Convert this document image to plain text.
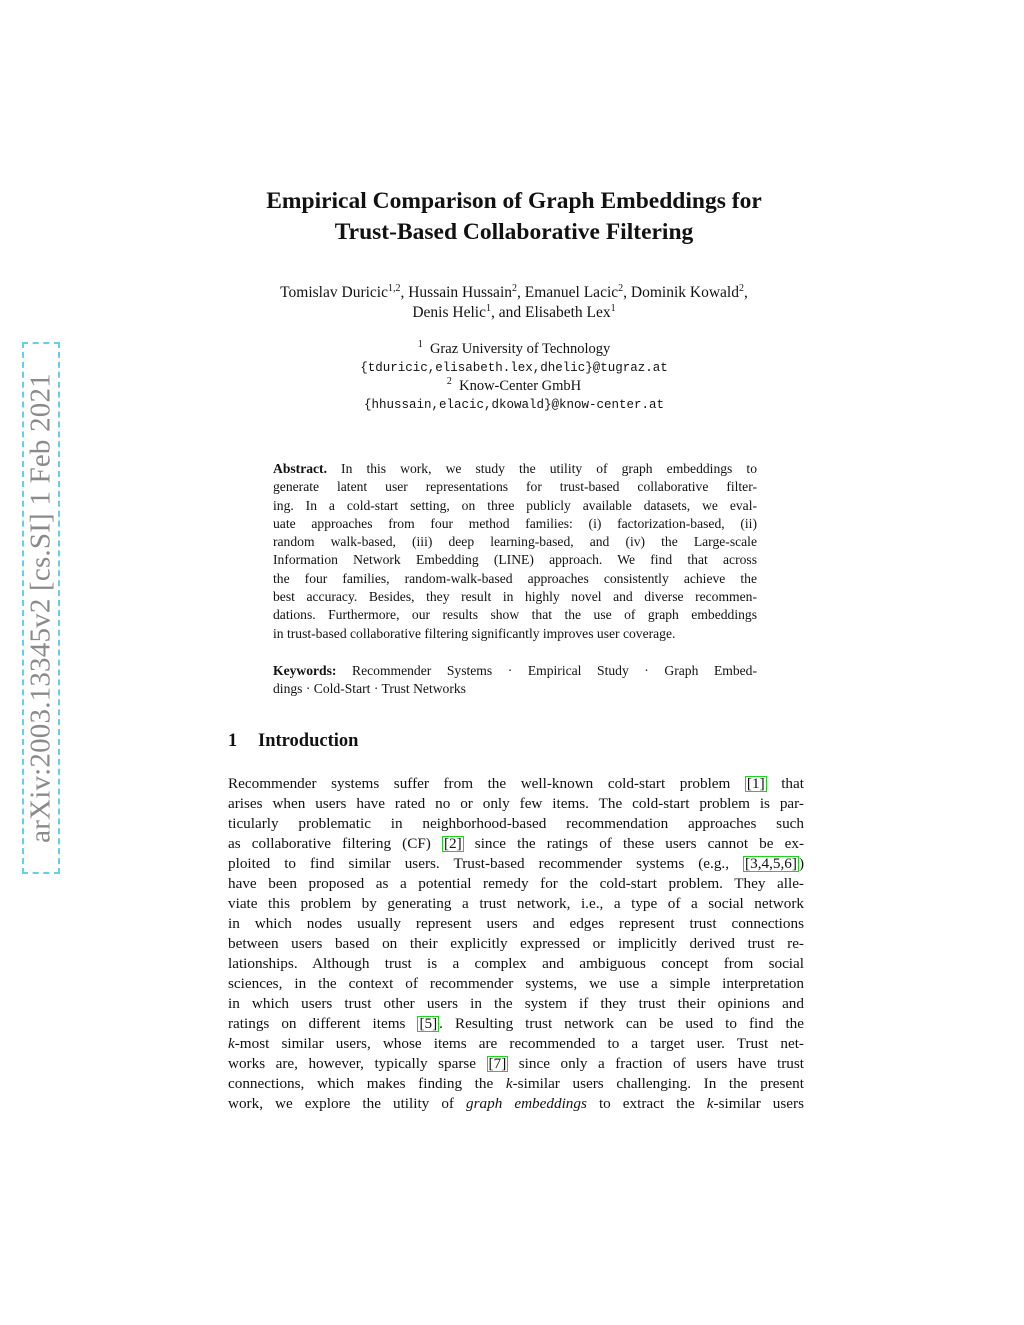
arXiv:2003.13345v2 [cs.SI] 1 Feb 2021
Empirical Comparison of Graph Embeddings for
Trust-Based Collaborative Filtering
Tomislav Duricic$^{1,2}$, Hussain Hussain$^2$, Emanuel Lacic$^2$, Dominik Kowald$^2$,
Denis Helic$^1$, and Elisabeth Lex$^1$
$^1$ Graz University of Technology
{tduricic,elisabeth.lex,dhelic}@tugraz.at
$^2$ Know-Center GmbH
{hhussain,elacic,dkowald}@know-center.at
Abstract. In this work, we study the utility of graph embeddings to
generate latent user representations for trust-based collaborative filter-
ing. In a cold-start setting, on three publicly available datasets, we eval-
uate approaches from four method families: (i) factorization-based, (ii)
random walk-based, (iii) deep learning-based, and (iv) the Large-scale
Information Network Embedding (LINE) approach. We find that across
the four families, random-walk-based approaches consistently achieve the
best accuracy. Besides, they result in highly novel and diverse recommen-
dations. Furthermore, our results show that the use of graph embeddings
in trust-based collaborative filtering significantly improves user coverage.
Keywords: Recommender Systems · Empirical Study · Graph Embed-
dings · Cold-Start · Trust Networks
1 Introduction
Recommender systems suffer from the well-known cold-start problem [1] that
arises when users have rated no or only few items. The cold-start problem is par-
ticularly problematic in neighborhood-based recommendation approaches such
as collaborative filtering (CF) [2] since the ratings of these users cannot be ex-
ploited to find similar users. Trust-based recommender systems (e.g., [3,4,5,6] )
have been proposed as a potential remedy for the cold-start problem. They alle-
viate this problem by generating a trust network, i.e., a type of a social network
in which nodes usually represent users and edges represent trust connections
between users based on their explicitly expressed or implicitly derived trust re-
lationships. Although trust is a complex and ambiguous concept from social
sciences, in the context of recommender systems, we use a simple interpretation
in which users trust other users in the system if they trust their opinions and
ratings on different items [5] . Resulting trust network can be used to find the
k-most similar users, whose items are recommended to a target user. Trust net-
works are, however, typically sparse [7] since only a fraction of users have trust
connections, which makes finding the k-similar users challenging. In the present
work, we explore the utility of graph embeddings to extract the k-similar users
